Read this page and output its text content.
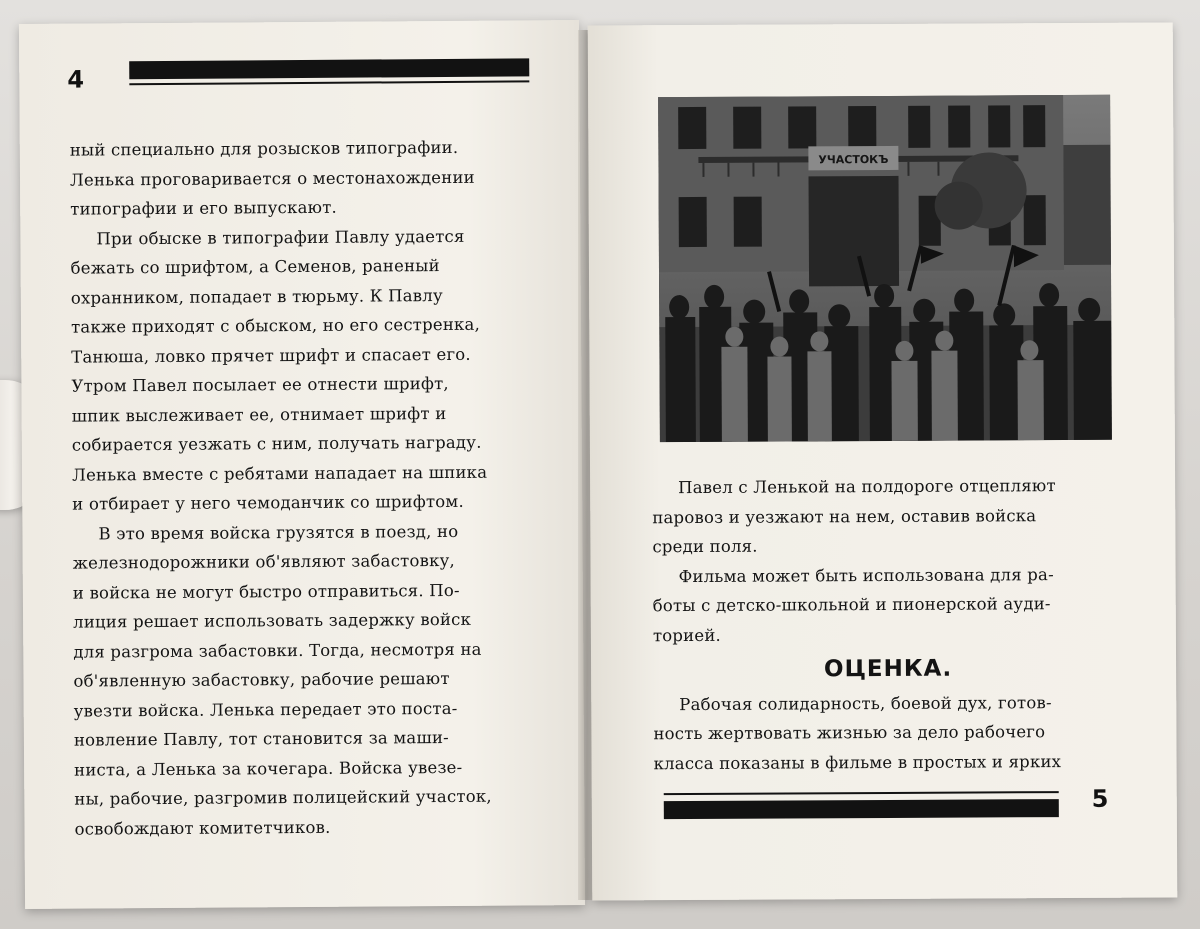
4

ный специально для розысков типографии.

Ленька проговаривается о местонахождении

типографии и его выпускают.

При обыске в типографии Павлу удается

бежать со шрифтом, а Семенов, раненый

охранником, попадает в тюрьму. К Павлу

также приходят с обыском, но его сестренка,

Танюша, ловко прячет шрифт и спасает его.

Утром Павел посылает ее отнести шрифт,

шпик выслеживает ее, отнимает шрифт и

собирается уезжать с ним, получать награду.

Ленька вместе с ребятами нападает на шпика

и отбирает у него чемоданчик со шрифтом.

В это время войска грузятся в поезд, но

железнодорожники об'являют забастовку,

и войска не могут быстро отправиться. По-

лиция решает использовать задержку войск

для разгрома забастовки. Тогда, несмотря на

об'явленную забастовку, рабочие решают

увезти войска. Ленька передает это поста-

новление Павлу, тот становится за маши-

ниста, а Ленька за кочегара. Войска увезе-

ны, рабочие, разгромив полицейский участок,

освобождают комитетчиков.

УЧАСТОКЪ

Павел с Ленькой на полдороге отцепляют

паровоз и уезжают на нем, оставив войска

среди поля.

Фильма может быть использована для ра-

боты с детско-школьной и пионерской ауди-

торией.

ОЦЕНКА.

Рабочая солидарность, боевой дух, готов-

ность жертвовать жизнью за дело рабочего

класса показаны в фильме в простых и ярких

5
